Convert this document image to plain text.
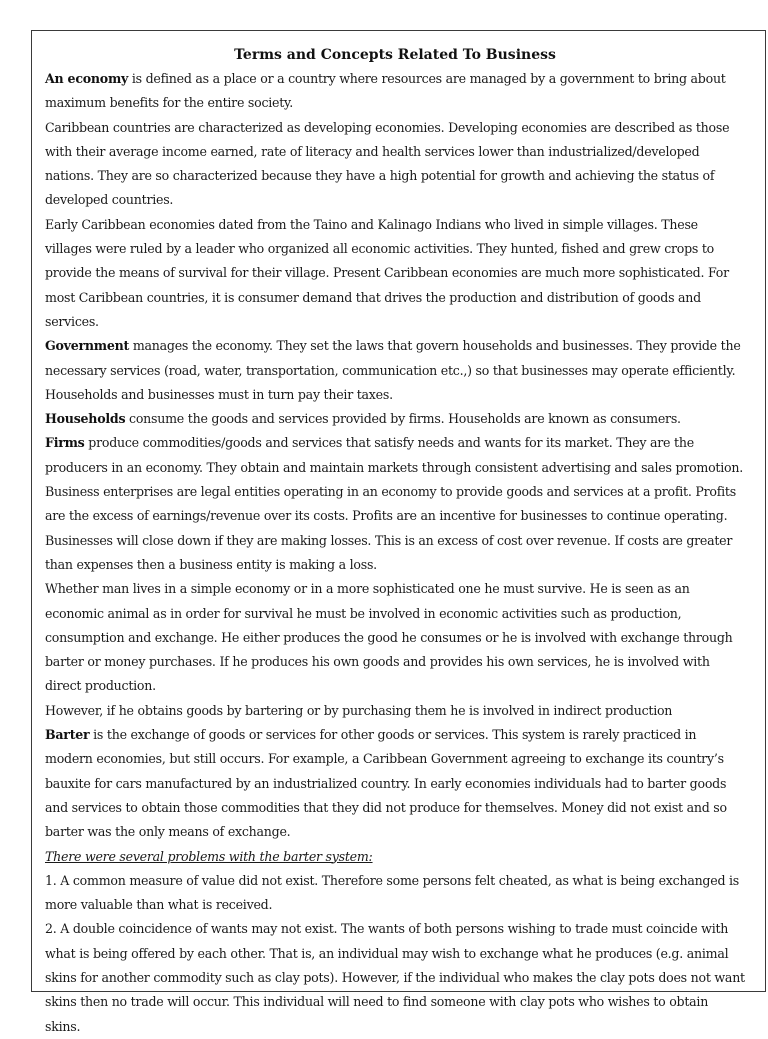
Terms and Concepts Related To Business

An economy is defined as a place or a country where resources are managed by a government to bring about maximum benefits for the entire society.

Caribbean countries are characterized as developing economies. Developing economies are described as those with their average income earned, rate of literacy and health services lower than industrialized/developed nations. They are so characterized because they have a high potential for growth and achieving the status of developed countries.

Early Caribbean economies dated from the Taino and Kalinago Indians who lived in simple villages. These villages were ruled by a leader who organized all economic activities. They hunted, fished and grew crops to provide the means of survival for their village. Present Caribbean economies are much more sophisticated. For most Caribbean countries, it is consumer demand that drives the production and distribution of goods and services.

Government manages the economy. They set the laws that govern households and businesses. They provide the necessary services (road, water, transportation, communication etc.,) so that businesses may operate efficiently. Households and businesses must in turn pay their taxes.

Households consume the goods and services provided by firms. Households are known as consumers.

Firms produce commodities/goods and services that satisfy needs and wants for its market. They are the producers in an economy. They obtain and maintain markets through consistent advertising and sales promotion.

Business enterprises are legal entities operating in an economy to provide goods and services at a profit. Profits are the excess of earnings/revenue over its costs. Profits are an incentive for businesses to continue operating. Businesses will close down if they are making losses. This is an excess of cost over revenue. If costs are greater than expenses then a business entity is making a loss.

Whether man lives in a simple economy or in a more sophisticated one he must survive. He is seen as an economic animal as in order for survival he must be involved in economic activities such as production, consumption and exchange. He either produces the good he consumes or he is involved with exchange through barter or money purchases. If he produces his own goods and provides his own services, he is involved with direct production.

However, if he obtains goods by bartering or by purchasing them he is involved in indirect production

Barter is the exchange of goods or services for other goods or services. This system is rarely practiced in modern economies, but still occurs. For example, a Caribbean Government agreeing to exchange its country’s bauxite for cars manufactured by an industrialized country. In early economies individuals had to barter goods and services to obtain those commodities that they did not produce for themselves. Money did not exist and so barter was the only means of exchange.

There were several problems with the barter system:

1. A common measure of value did not exist. Therefore some persons felt cheated, as what is being exchanged is more valuable than what is received.

2. A double coincidence of wants may not exist. The wants of both persons wishing to trade must coincide with what is being offered by each other. That is, an individual may wish to exchange what he produces (e.g. animal skins for another commodity such as clay pots). However, if the individual who makes the clay pots does not want skins then no trade will occur. This individual will need to find someone with clay pots who wishes to obtain skins.
